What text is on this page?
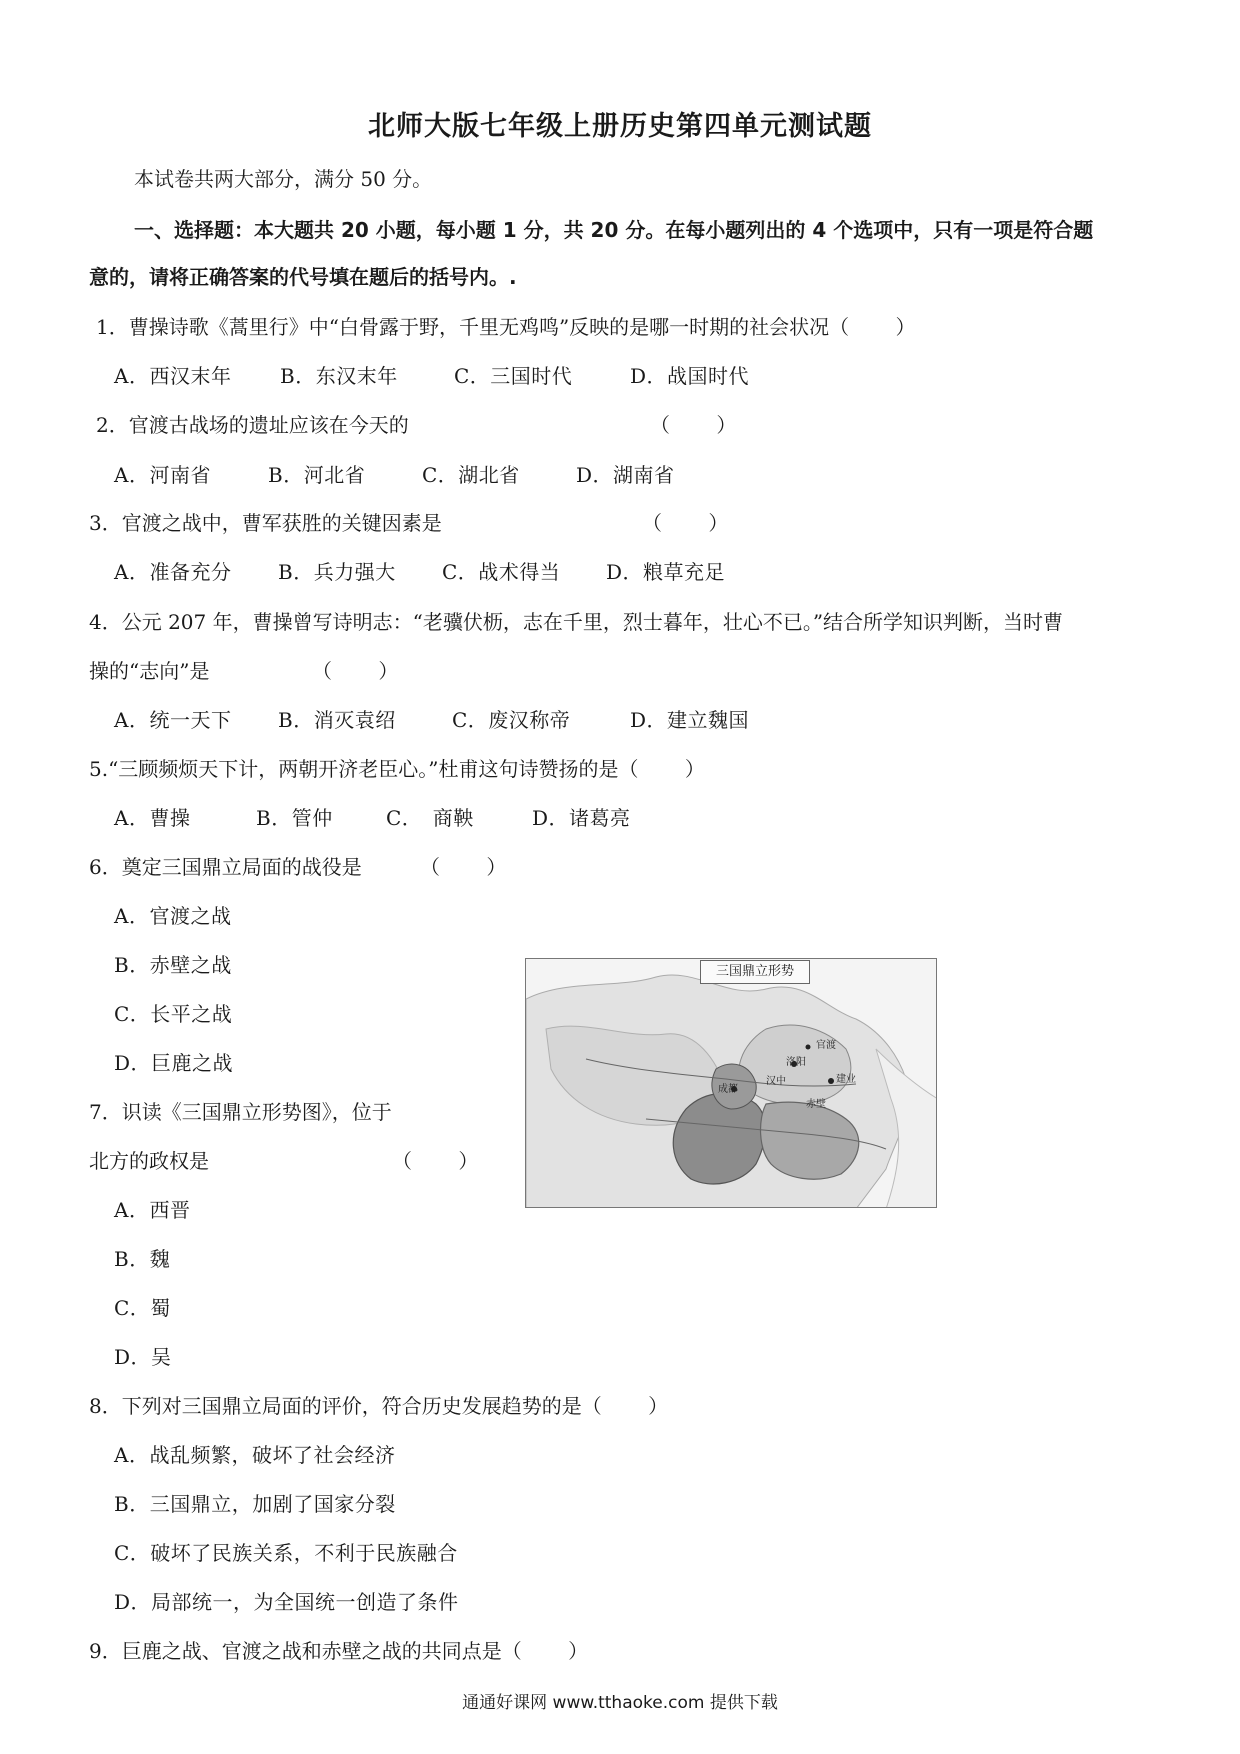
北师大版七年级上册历史第四单元测试题
本试卷共两大部分，满分 50 分。
一、选择题：本大题共 20 小题，每小题 1 分，共 20 分。在每小题列出的 4 个选项中，只有一项是符合题
意的，请将正确答案的代号填在题后的括号内。.
1．曹操诗歌《蒿里行》中“白骨露于野，千里无鸡鸣”反映的是哪一时期的社会状况（　　 ）
A．西汉末年 B．东汉末年	C．三国时代	D．战国时代
2．官渡古战场的遗址应该在今天的	（　　 ）
A．河南省	B．河北省	C．湖北省	D．湖南省
3．官渡之战中，曹军获胜的关键因素是	（　　 ）
A．准备充分 B．兵力强大 C．战术得当 D．粮草充足
4．公元 207 年，曹操曾写诗明志：“老骥伏枥，志在千里，烈士暮年，壮心不已。”结合所学知识判断，当时曹
操的“志向”是	（　　 ）
A．统一天下 B．消灭袁绍	C．废汉称帝	D．建立魏国
5.“三顾频烦天下计，两朝开济老臣心。”杜甫这句诗赞扬的是（　　 ）
A．曹操	B．管仲	C．　商鞅	D．诸葛亮
6．奠定三国鼎立局面的战役是	（　　 ）
A．官渡之战
B．赤壁之战
C．长平之战
D．巨鹿之战
三国鼎立形势
成都
洛阳
建业
官渡
赤壁
汉中
7．识读《三国鼎立形势图》，位于
北方的政权是	（　　 ）
A．西晋
B．魏
C．蜀
D．吴
8．下列对三国鼎立局面的评价，符合历史发展趋势的是（　　 ）
A．战乱频繁，破坏了社会经济
B．三国鼎立，加剧了国家分裂
C．破坏了民族关系，不利于民族融合
D．局部统一，为全国统一创造了条件
9．巨鹿之战、官渡之战和赤壁之战的共同点是（　　 ）
通通好课网 www.tthaoke.com 提供下载
